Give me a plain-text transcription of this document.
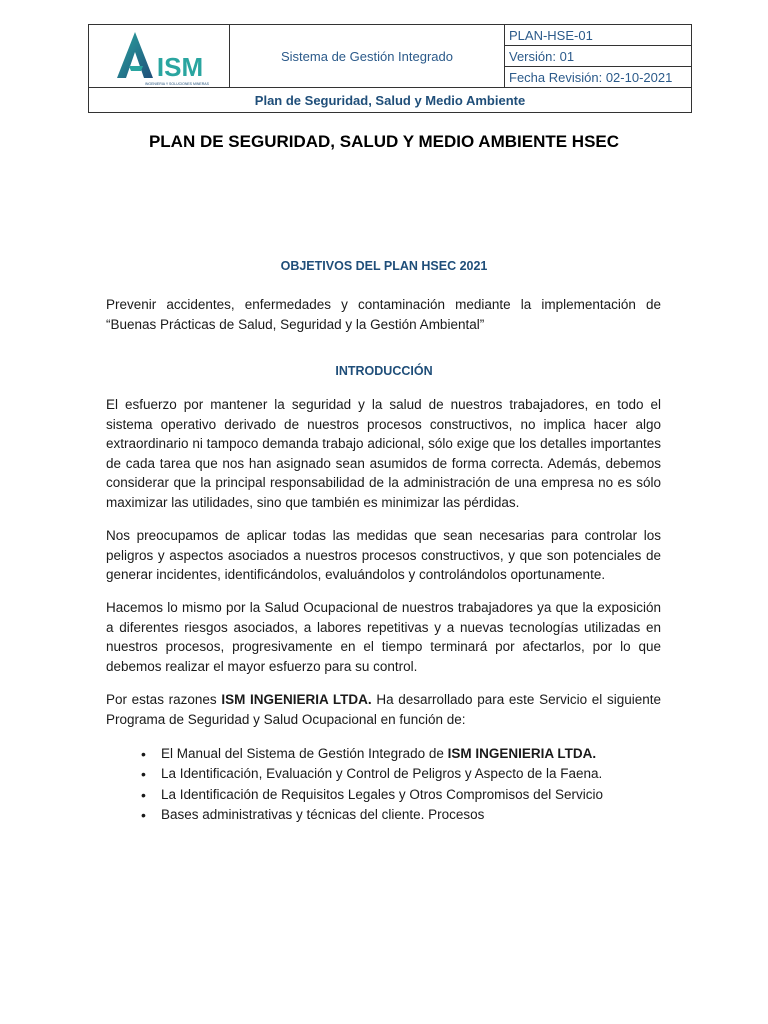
ISM
INGENIERIA Y SOLUCIONES MINERAS
	Sistema de Gestión Integrado	PLAN-HSE-01
Versión: 01
Fecha Revisión: 02-10-2021
Plan de Seguridad, Salud y Medio Ambiente
PLAN DE SEGURIDAD, SALUD Y MEDIO AMBIENTE HSEC
OBJETIVOS DEL PLAN HSEC 2021
Prevenir accidentes, enfermedades y contaminación mediante la implementación de “Buenas Prácticas de Salud, Seguridad y la Gestión Ambiental”
INTRODUCCIÓN
El esfuerzo por mantener la seguridad y la salud de nuestros trabajadores, en todo el sistema operativo derivado de nuestros procesos constructivos, no implica hacer algo extraordinario ni tampoco demanda trabajo adicional, sólo exige que los detalles importantes de cada tarea que nos han asignado sean asumidos de forma correcta. Además, debemos considerar que la principal responsabilidad de la administración de una empresa no es sólo maximizar las utilidades, sino que también es minimizar las pérdidas.
Nos preocupamos de aplicar todas las medidas que sean necesarias para controlar los peligros y aspectos asociados a nuestros procesos constructivos, y que son potenciales de generar incidentes, identificándolos, evaluándolos y controlándolos oportunamente.
Hacemos lo mismo por la Salud Ocupacional de nuestros trabajadores ya que la exposición a diferentes riesgos asociados, a labores repetitivas y a nuevas tecnologías utilizadas en nuestros procesos, progresivamente en el tiempo terminará por afectarlos, por lo que debemos realizar el mayor esfuerzo para su control.
Por estas razones ISM INGENIERIA LTDA. Ha desarrollado para este Servicio el siguiente Programa de Seguridad y Salud Ocupacional en función de:
• El Manual del Sistema de Gestión Integrado de ISM INGENIERIA LTDA.
• La Identificación, Evaluación y Control de Peligros y Aspecto de la Faena.
• La Identificación de Requisitos Legales y Otros Compromisos del Servicio
• Bases administrativas y técnicas del cliente. Procesos
